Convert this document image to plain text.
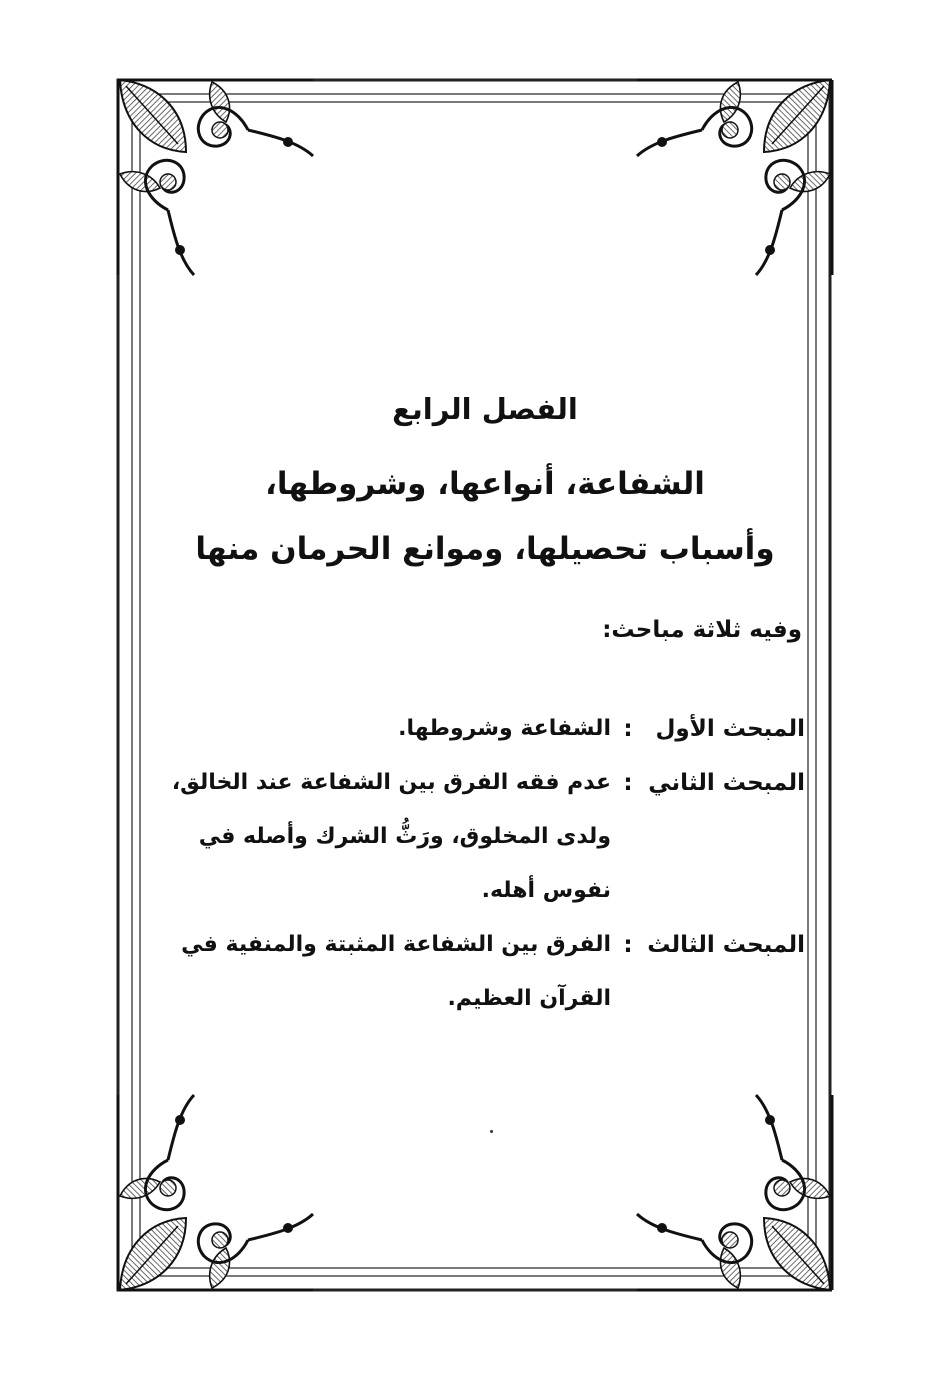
الفصل الرابع
الشفاعة، أنواعها، وشروطها،
وأسباب تحصيلها، وموانع الحرمان منها
وفيه ثلاثة مباحث:
المبحث الأول
:
الشفاعة وشروطها.
المبحث الثاني
:
عدم فقه الفرق بين الشفاعة عند الخالق، ولدى المخلوق، ورَثُّ الشرك وأصله في نفوس أهله.
المبحث الثالث
:
الفرق بين الشفاعة المثبتة والمنفية في القرآن العظيم.
